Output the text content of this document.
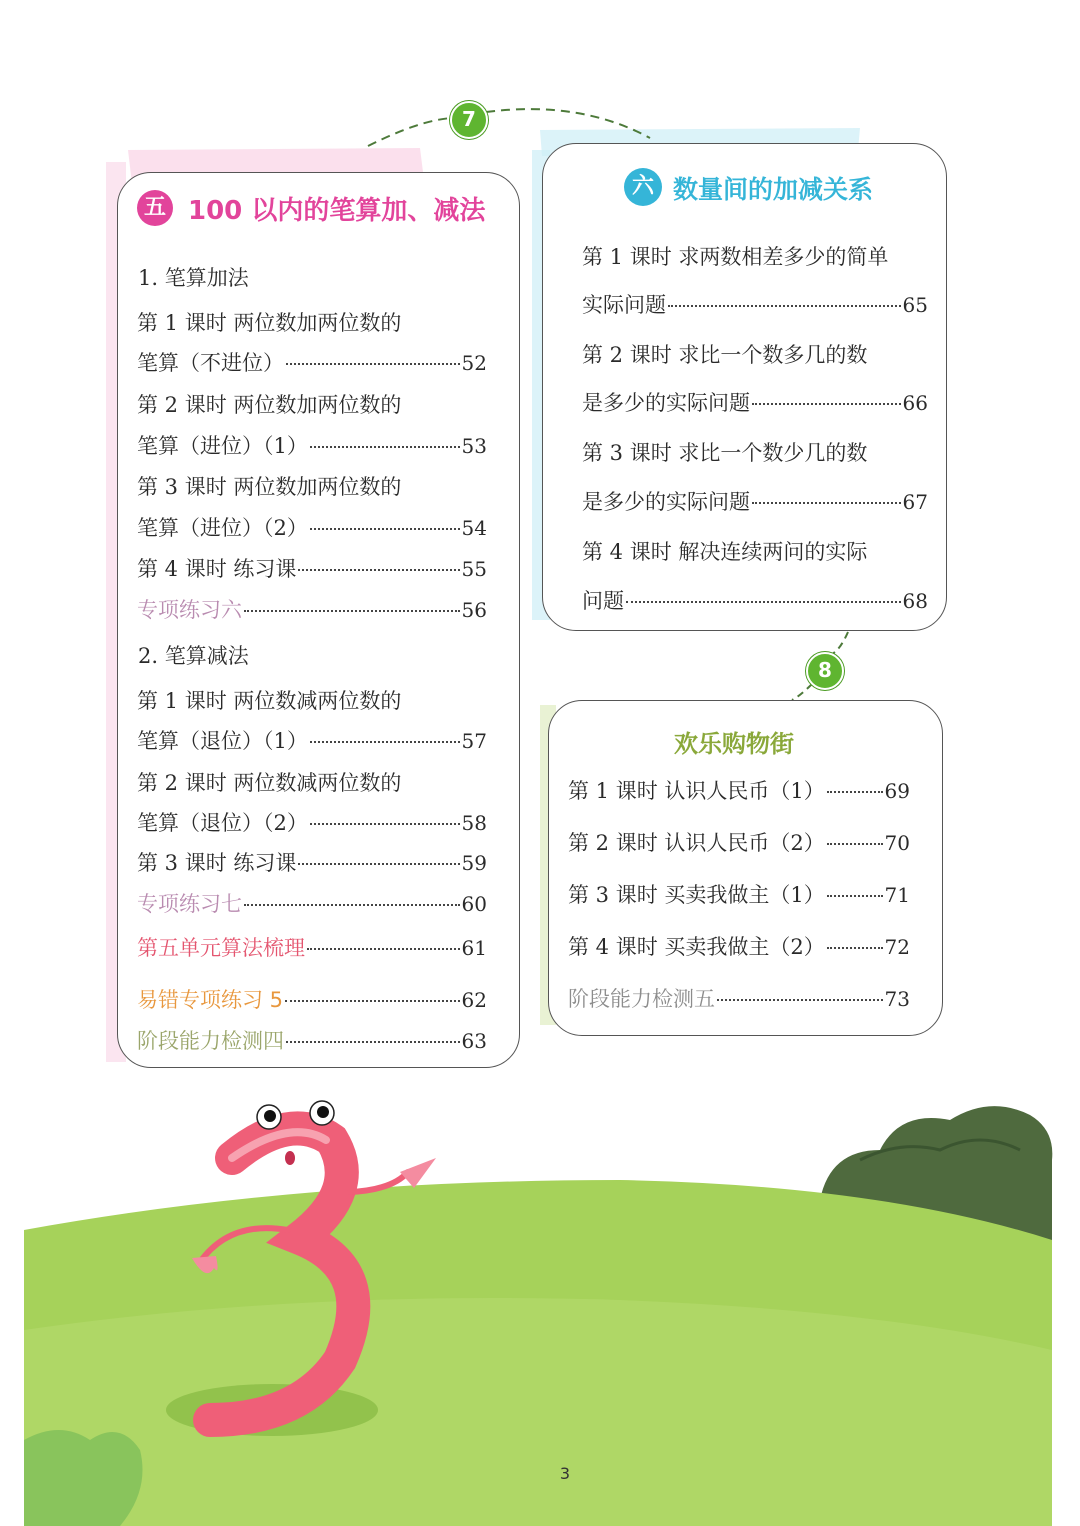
7
8
五 100 以内的笔算加、减法
1. 笔算加法
第 1 课时 两位数加两位数的
笔算（不进位）	52
第 2 课时 两位数加两位数的
笔算（进位）（1）	53
第 3 课时 两位数加两位数的
笔算（进位）（2）	54
第 4 课时 练习课	55
专项练习六	56
2. 笔算减法
第 1 课时 两位数减两位数的
笔算（退位）（1）	57
第 2 课时 两位数减两位数的
笔算（退位）（2）	58
第 3 课时 练习课	59
专项练习七	60
第五单元算法梳理	61
易错专项练习 5	62
阶段能力检测四	63
六 数量间的加减关系
第 1 课时 求两数相差多少的简单
实际问题	65
第 2 课时 求比一个数多几的数
是多少的实际问题	66
第 3 课时 求比一个数少几的数
是多少的实际问题	67
第 4 课时 解决连续两问的实际
问题	68
欢乐购物街
第 1 课时 认识人民币（1）	69
第 2 课时 认识人民币（2）	70
第 3 课时 买卖我做主（1）	71
第 4 课时 买卖我做主（2）	72
阶段能力检测五	73
3
